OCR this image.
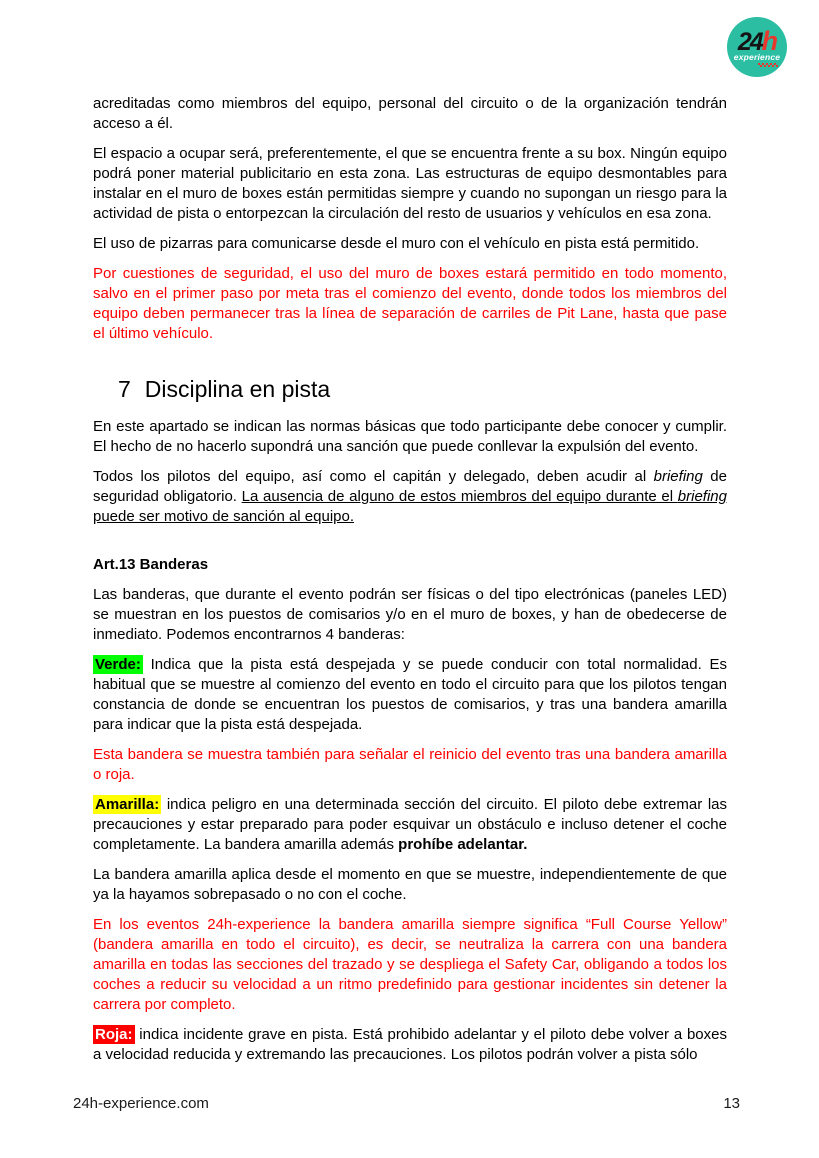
24h
experience

acreditadas como miembros del equipo, personal del circuito o de la organización tendrán acceso a él.

El espacio a ocupar será, preferentemente, el que se encuentra frente a su box. Ningún equipo podrá poner material publicitario en esta zona. Las estructuras de equipo desmontables para instalar en el muro de boxes están permitidas siempre y cuando no supongan un riesgo para la actividad de pista o entorpezcan la circulación del resto de usuarios y vehículos en esa zona.

El uso de pizarras para comunicarse desde el muro con el vehículo en pista está permitido.

Por cuestiones de seguridad, el uso del muro de boxes estará permitido en todo momento, salvo en el primer paso por meta tras el comienzo del evento, donde todos los miembros del equipo deben permanecer tras la línea de separación de carriles de Pit Lane, hasta que pase el último vehículo.

7 Disciplina en pista

En este apartado se indican las normas básicas que todo participante debe conocer y cumplir. El hecho de no hacerlo supondrá una sanción que puede conllevar la expulsión del evento.

Todos los pilotos del equipo, así como el capitán y delegado, deben acudir al briefing de seguridad obligatorio. La ausencia de alguno de estos miembros del equipo durante el briefing puede ser motivo de sanción al equipo.

Art.13 Banderas

Las banderas, que durante el evento podrán ser físicas o del tipo electrónicas (paneles LED) se muestran en los puestos de comisarios y/o en el muro de boxes, y han de obedecerse de inmediato. Podemos encontrarnos 4 banderas:

Verde: Indica que la pista está despejada y se puede conducir con total normalidad. Es habitual que se muestre al comienzo del evento en todo el circuito para que los pilotos tengan constancia de donde se encuentran los puestos de comisarios, y tras una bandera amarilla para indicar que la pista está despejada.

Esta bandera se muestra también para señalar el reinicio del evento tras una bandera amarilla o roja.

Amarilla: indica peligro en una determinada sección del circuito. El piloto debe extremar las precauciones y estar preparado para poder esquivar un obstáculo e incluso detener el coche completamente. La bandera amarilla además prohíbe adelantar.

La bandera amarilla aplica desde el momento en que se muestre, independientemente de que ya la hayamos sobrepasado o no con el coche.

En los eventos 24h-experience la bandera amarilla siempre significa “Full Course Yellow” (bandera amarilla en todo el circuito), es decir, se neutraliza la carrera con una bandera amarilla en todas las secciones del trazado y se despliega el Safety Car, obligando a todos los coches a reducir su velocidad a un ritmo predefinido para gestionar incidentes sin detener la carrera por completo.

Roja: indica incidente grave en pista. Está prohibido adelantar y el piloto debe volver a boxes a velocidad reducida y extremando las precauciones. Los pilotos podrán volver a pista sólo

24h-experience.com	13
